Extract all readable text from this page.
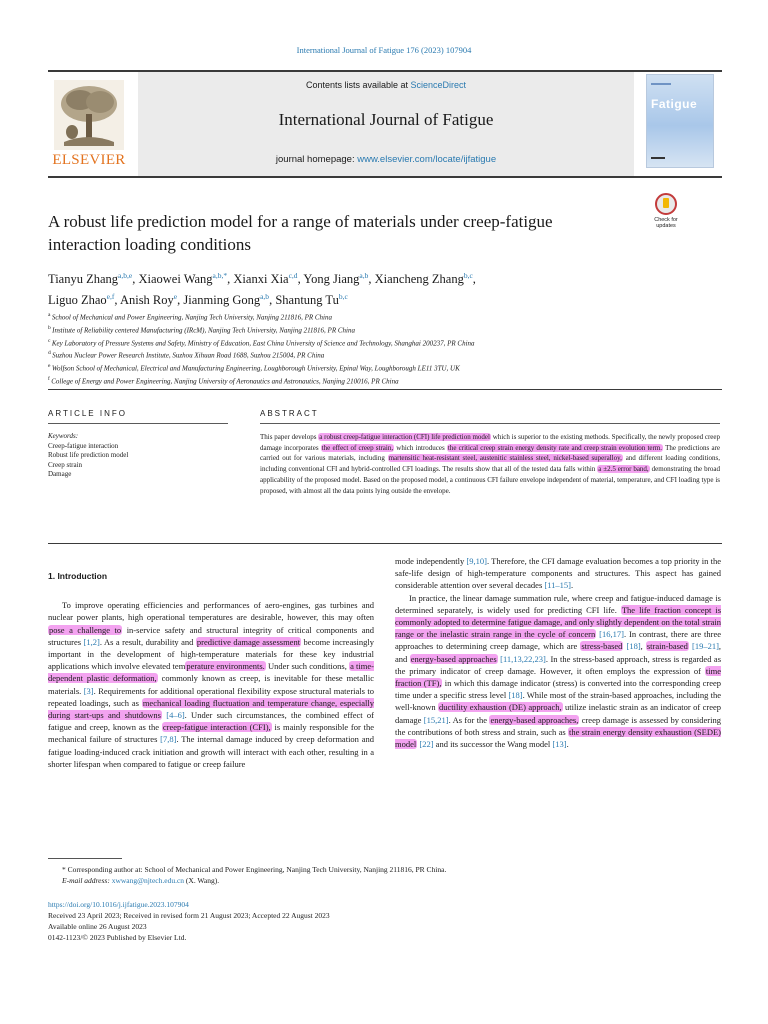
International Journal of Fatigue 176 (2023) 107904
ELSEVIER
Contents lists available at ScienceDirect
International Journal of Fatigue
journal homepage: www.elsevier.com/locate/ijfatigue
Fatigue
A robust life prediction model for a range of materials under creep-fatigue
interaction loading conditions
Check for updates
Tianyu Zhang$^{a,b,e}$, Xiaowei Wang$^{a,b,*}$, Xianxi Xia$^{c,d}$, Yong Jiang$^{a,b}$, Xiancheng Zhang$^{b,c}$,
Liguo Zhao$^{e,f}$, Anish Roy$^e$, Jianming Gong$^{a,b}$, Shantung Tu$^{b,c}$
$^a$ School of Mechanical and Power Engineering, Nanjing Tech University, Nanjing 211816, PR China
$^b$ Institute of Reliability centered Manufacturing (IRcM), Nanjing Tech University, Nanjing 211816, PR China
$^c$ Key Laboratory of Pressure Systems and Safety, Ministry of Education, East China University of Science and Technology, Shanghai 200237, PR China
$^d$ Suzhou Nuclear Power Research Institute, Suzhou Xihuan Road 1688, Suzhou 215004, PR China
$^e$ Wolfson School of Mechanical, Electrical and Manufacturing Engineering, Loughborough University, Epinal Way, Loughborough LE11 3TU, UK
$^f$ College of Energy and Power Engineering, Nanjing University of Aeronautics and Astronautics, Nanjing 210016, PR China
ARTICLE INFO
Keywords:
Creep-fatigue interaction
Robust life prediction model
Creep strain
Damage
ABSTRACT
This paper develops a robust creep-fatigue interaction (CFI) life prediction model which is superior to the existing methods. Specifically, the newly proposed creep damage incorporates the effect of creep strain, which introduces the critical creep strain energy density rate and creep strain evolution term. The predictions are carried out for various materials, including martensitic heat-resistant steel, austenitic stainless steel, nickel-based superalloy, and different loading conditions, including conventional CFI and hybrid-controlled CFI loadings. The results show that all of the tested data falls within a ±2.5 error band, demonstrating the broad applicability of the proposed model. Based on the proposed model, a continuous CFI failure envelope independent of material, temperature, and CFI loading type is proposed, with almost all the data points lying outside the envelope.
1. Introduction
To improve operating efficiencies and performances of aero-engines, gas turbines and nuclear power plants, high operational temperatures are desirable, however, this may often pose a challenge to in-service safety and structural integrity of critical components and structures [1,2]. As a result, durability and predictive damage assessment become increasingly important in the development of high-temperature materials for these key industrial applications which involve elevated temperature environments. Under such conditions, a time-dependent plastic deformation, commonly known as creep, is inevitable for these metallic materials. [3]. Requirements for additional operational flexibility expose structural materials to repeated loadings, such as mechanical loading fluctuation and temperature change, especially during start-ups and shutdowns [4–6]. Under such circumstances, the combined effect of fatigue and creep, known as the creep-fatigue interaction (CFI), is mainly responsible for the mechanical failure of structures [7,8]. The internal damage induced by creep deformation and fatigue loading-induced crack initiation and growth will interact with each other, resulting in a shorter lifespan when compared to fatigue or creep failure
mode independently [9,10]. Therefore, the CFI damage evaluation becomes a top priority in the safe-life design of high-temperature components and structures. This aspect has gained considerable attention over several decades [11–15].
In practice, the linear damage summation rule, where creep and fatigue-induced damage is determined separately, is widely used for predicting CFI life. The life fraction concept is commonly adopted to determine fatigue damage, and only slightly dependent on the total strain range or the inelastic strain range in the cycle of concern [16,17]. In contrast, there are three approaches to determining creep damage, which are stress-based [18], strain-based [19–21], and energy-based approaches [11,13,22,23]. In the stress-based approach, stress is regarded as the primary indicator of creep damage. However, it often employs the expression of time fraction (TF), in which this damage indicator (stress) is converted into the corresponding creep time under a specific stress level [18]. While most of the strain-based approaches, including the well-known ductility exhaustion (DE) approach, utilize inelastic strain as an indicator of creep damage [15,21]. As for the energy-based approaches, creep damage is assessed by considering the contributions of both stress and strain, such as the strain energy density exhaustion (SEDE) model [22] and its successor the Wang model [13].
* Corresponding author at: School of Mechanical and Power Engineering, Nanjing Tech University, Nanjing 211816, PR China.
E-mail address: xwwang@njtech.edu.cn (X. Wang).
https://doi.org/10.1016/j.ijfatigue.2023.107904
Received 23 April 2023; Received in revised form 21 August 2023; Accepted 22 August 2023
Available online 26 August 2023
0142-1123/© 2023 Published by Elsevier Ltd.
